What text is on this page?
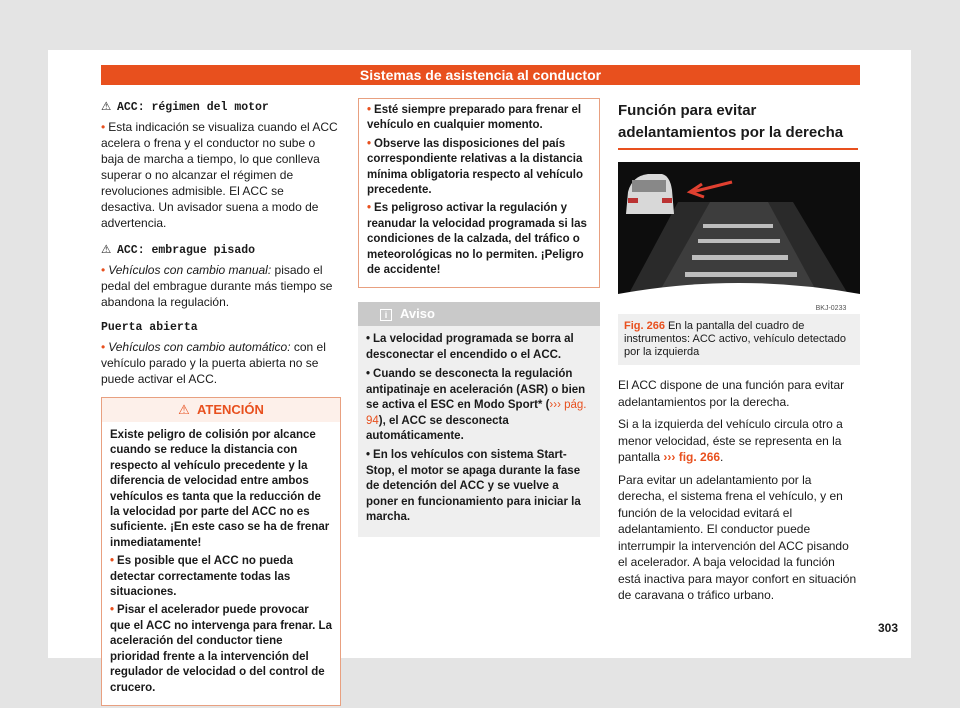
Sistemas de asistencia al conductor
⚠ ACC: régimen del motor

• Esta indicación se visualiza cuando el ACC acelera o frena y el conductor no sube o baja de marcha a tiempo, lo que conlleva superar o no alcanzar el régimen de revoluciones admisible. El ACC se desactiva. Un avisador suena a modo de advertencia.

⚠ ACC: embrague pisado

• Vehículos con cambio manual: pisado el pedal del embrague durante más tiempo se abandona la regulación.

Puerta abierta

• Vehículos con cambio automático: con el vehículo parado y la puerta abierta no se puede activar el ACC.

⚠ ATENCIÓN

Existe peligro de colisión por alcance cuando se reduce la distancia con respecto al vehículo precedente y la diferencia de velocidad entre ambos vehículos es tanta que la reducción de la velocidad por parte del ACC no es suficiente. ¡En este caso se ha de frenar inmediatamente!

• Es posible que el ACC no pueda detectar correctamente todas las situaciones.

• Pisar el acelerador puede provocar que el ACC no intervenga para frenar. La aceleración del conductor tiene prioridad frente a la intervención del regulador de velocidad o del control de crucero.

• Esté siempre preparado para frenar el vehículo en cualquier momento.

• Observe las disposiciones del país correspondiente relativas a la distancia mínima obligatoria respecto al vehículo precedente.

• Es peligroso activar la regulación y reanudar la velocidad programada si las condiciones de la calzada, del tráfico o meteorológicas no lo permiten. ¡Peligro de accidente!

i Aviso

• La velocidad programada se borra al desconectar el encendido o el ACC.

• Cuando se desconecta la regulación antipatinaje en aceleración (ASR) o bien se activa el ESC en Modo Sport* (››› pág. 94), el ACC se desconecta automáticamente.

• En los vehículos con sistema Start-Stop, el motor se apaga durante la fase de detención del ACC y se vuelve a poner en funcionamiento para iniciar la marcha.

Función para evitar adelantamientos por la derecha
BKJ-0233
Fig. 266 En la pantalla del cuadro de instrumentos: ACC activo, vehículo detectado por la izquierda

El ACC dispone de una función para evitar adelantamientos por la derecha.

Si a la izquierda del vehículo circula otro a menor velocidad, éste se representa en la pantalla ››› fig. 266.

Para evitar un adelantamiento por la derecha, el sistema frena el vehículo, y en función de la velocidad evitará el adelantamiento. El conductor puede interrumpir la intervención del ACC pisando el acelerador. A baja velocidad la función está inactiva para mayor confort en situación de caravana o tráfico urbano.

303
